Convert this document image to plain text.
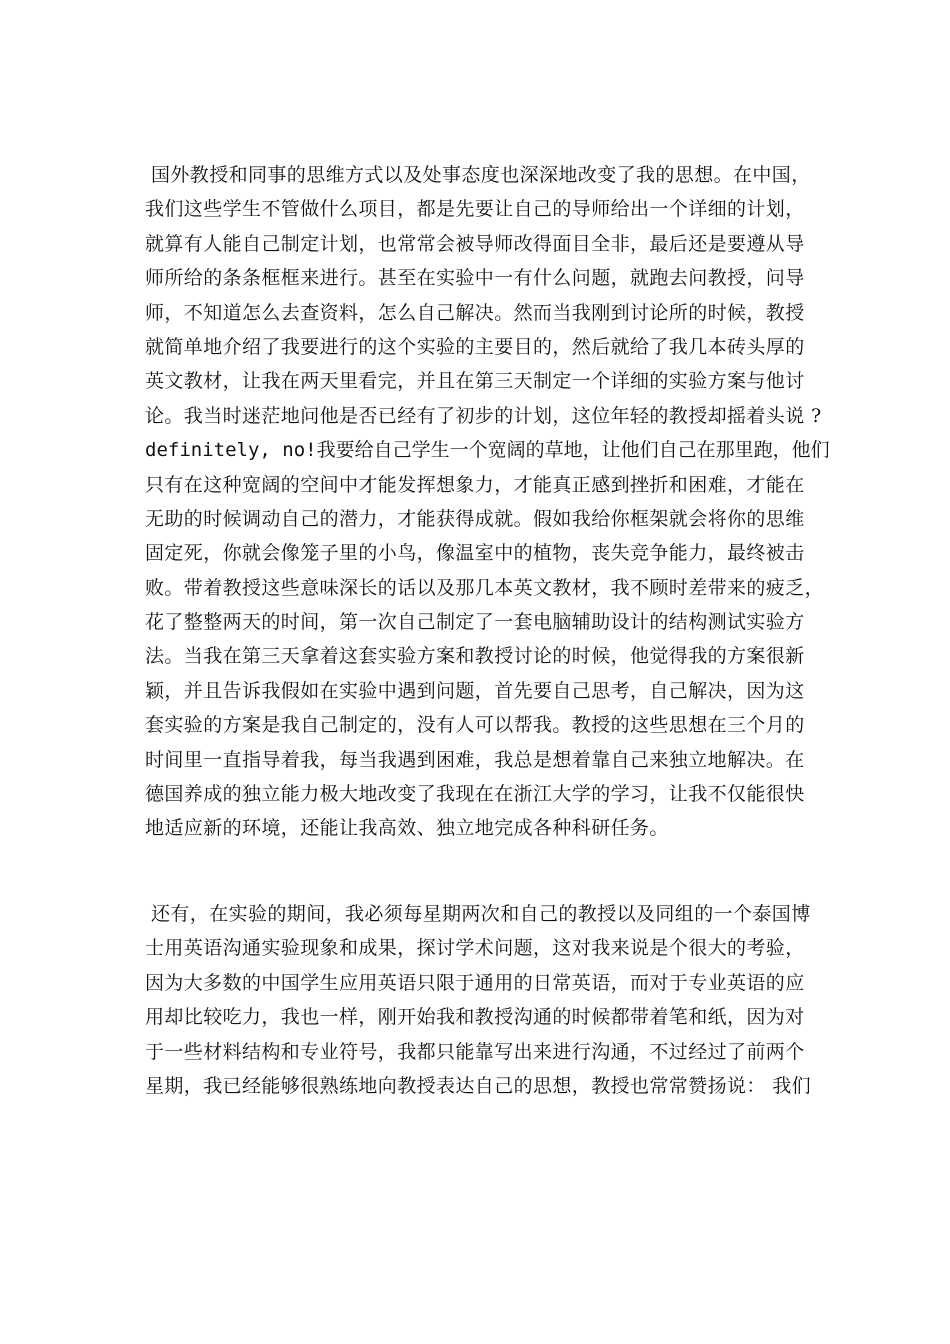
国外教授和同事的思维方式以及处事态度也深深地改变了我的思想。在中国，
我们这些学生不管做什么项目，都是先要让自己的导师给出一个详细的计划，
就算有人能自己制定计划，也常常会被导师改得面目全非，最后还是要遵从导
师所给的条条框框来进行。甚至在实验中一有什么问题，就跑去问教授，问导
师，不知道怎么去查资料，怎么自己解决。然而当我刚到讨论所的时候，教授
就简单地介绍了我要进行的这个实验的主要目的，然后就给了我几本砖头厚的
英文教材，让我在两天里看完，并且在第三天制定一个详细的实验方案与他讨
论。我当时迷茫地问他是否已经有了初步的计划，这位年轻的教授却摇着头说 ?
definitely, no!我要给自己学生一个宽阔的草地，让他们自己在那里跑，他们
只有在这种宽阔的空间中才能发挥想象力，才能真正感到挫折和困难，才能在
无助的时候调动自己的潜力，才能获得成就。假如我给你框架就会将你的思维
固定死，你就会像笼子里的小鸟，像温室中的植物，丧失竞争能力，最终被击
败。带着教授这些意味深长的话以及那几本英文教材，我不顾时差带来的疲乏，
花了整整两天的时间，第一次自己制定了一套电脑辅助设计的结构测试实验方
法。当我在第三天拿着这套实验方案和教授讨论的时候，他觉得我的方案很新
颖，并且告诉我假如在实验中遇到问题，首先要自己思考，自己解决，因为这
套实验的方案是我自己制定的，没有人可以帮我。教授的这些思想在三个月的
时间里一直指导着我，每当我遇到困难，我总是想着靠自己来独立地解决。在
德国养成的独立能力极大地改变了我现在在浙江大学的学习，让我不仅能很快
地适应新的环境，还能让我高效、独立地完成各种科研任务。
还有，在实验的期间，我必须每星期两次和自己的教授以及同组的一个泰国博
士用英语沟通实验现象和成果，探讨学术问题，这对我来说是个很大的考验，
因为大多数的中国学生应用英语只限于通用的日常英语，而对于专业英语的应
用却比较吃力，我也一样，刚开始我和教授沟通的时候都带着笔和纸，因为对
于一些材料结构和专业符号，我都只能靠写出来进行沟通，不过经过了前两个
星期，我已经能够很熟练地向教授表达自己的思想，教授也常常赞扬说： 我们
